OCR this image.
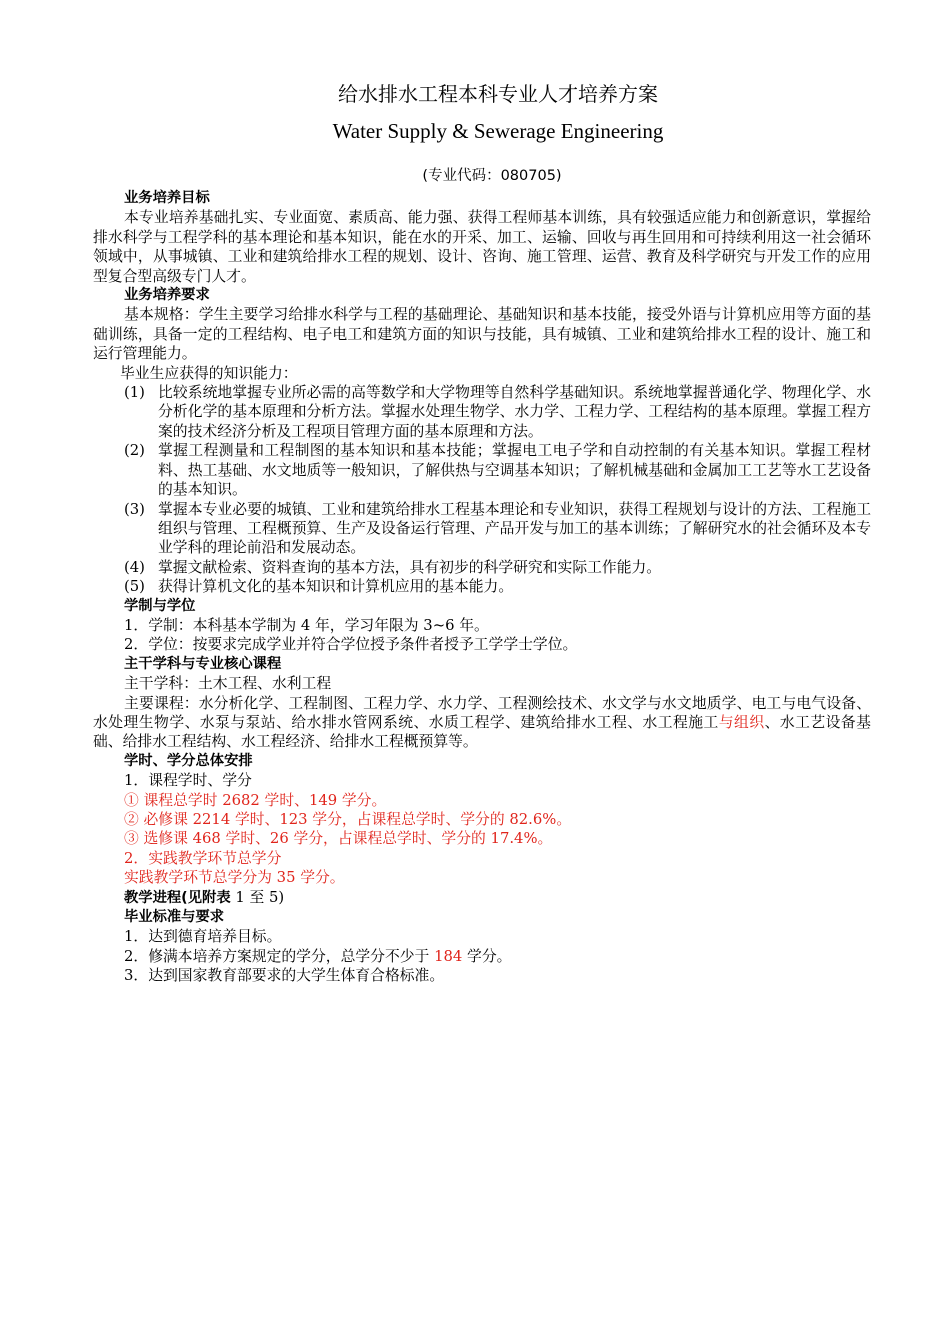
给水排水工程本科专业人才培养方案
Water Supply & Sewerage Engineering
(专业代码：080705)
业务培养目标
本专业培养基础扎实、专业面宽、素质高、能力强、获得工程师基本训练，具有较强适应能力和创新意识，掌握给排水科学与工程学科的基本理论和基本知识，能在水的开采、加工、运输、回收与再生回用和可持续利用这一社会循环领域中，从事城镇、工业和建筑给排水工程的规划、设计、咨询、施工管理、运营、教育及科学研究与开发工作的应用型复合型高级专门人才。
业务培养要求
基本规格：学生主要学习给排水科学与工程的基础理论、基础知识和基本技能，接受外语与计算机应用等方面的基础训练，具备一定的工程结构、电子电工和建筑方面的知识与技能，具有城镇、工业和建筑给排水工程的设计、施工和运行管理能力。
毕业生应获得的知识能力：
(1) 比较系统地掌握专业所必需的高等数学和大学物理等自然科学基础知识。系统地掌握普通化学、物理化学、水分析化学的基本原理和分析方法。掌握水处理生物学、水力学、工程力学、工程结构的基本原理。掌握工程方案的技术经济分析及工程项目管理方面的基本原理和方法。
(2) 掌握工程测量和工程制图的基本知识和基本技能；掌握电工电子学和自动控制的有关基本知识。掌握工程材料、热工基础、水文地质等一般知识，了解供热与空调基本知识；了解机械基础和金属加工工艺等水工艺设备的基本知识。
(3) 掌握本专业必要的城镇、工业和建筑给排水工程基本理论和专业知识，获得工程规划与设计的方法、工程施工组织与管理、工程概预算、生产及设备运行管理、产品开发与加工的基本训练；了解研究水的社会循环及本专业学科的理论前沿和发展动态。
(4) 掌握文献检索、资料查询的基本方法，具有初步的科学研究和实际工作能力。
(5) 获得计算机文化的基本知识和计算机应用的基本能力。
学制与学位
1．学制：本科基本学制为 4 年，学习年限为 3~6 年。
2．学位：按要求完成学业并符合学位授予条件者授予工学学士学位。
主干学科与专业核心课程
主干学科：土木工程、水利工程
主要课程：水分析化学、工程制图、工程力学、水力学、工程测绘技术、水文学与水文地质学、电工与电气设备、水处理生物学、水泵与泵站、给水排水管网系统、水质工程学、建筑给排水工程、水工程施工与组织、水工艺设备基础、给排水工程结构、水工程经济、给排水工程概预算等。
学时、学分总体安排
1．课程学时、学分
① 课程总学时 2682 学时、149 学分。
② 必修课 2214 学时、123 学分，占课程总学时、学分的 82.6%。
③ 选修课 468 学时、26 学分，占课程总学时、学分的 17.4%。
2．实践教学环节总学分
实践教学环节总学分为 35 学分。
教学进程(见附表 1 至 5)
毕业标准与要求
1．达到德育培养目标。
2．修满本培养方案规定的学分，总学分不少于 184 学分。
3．达到国家教育部要求的大学生体育合格标准。
